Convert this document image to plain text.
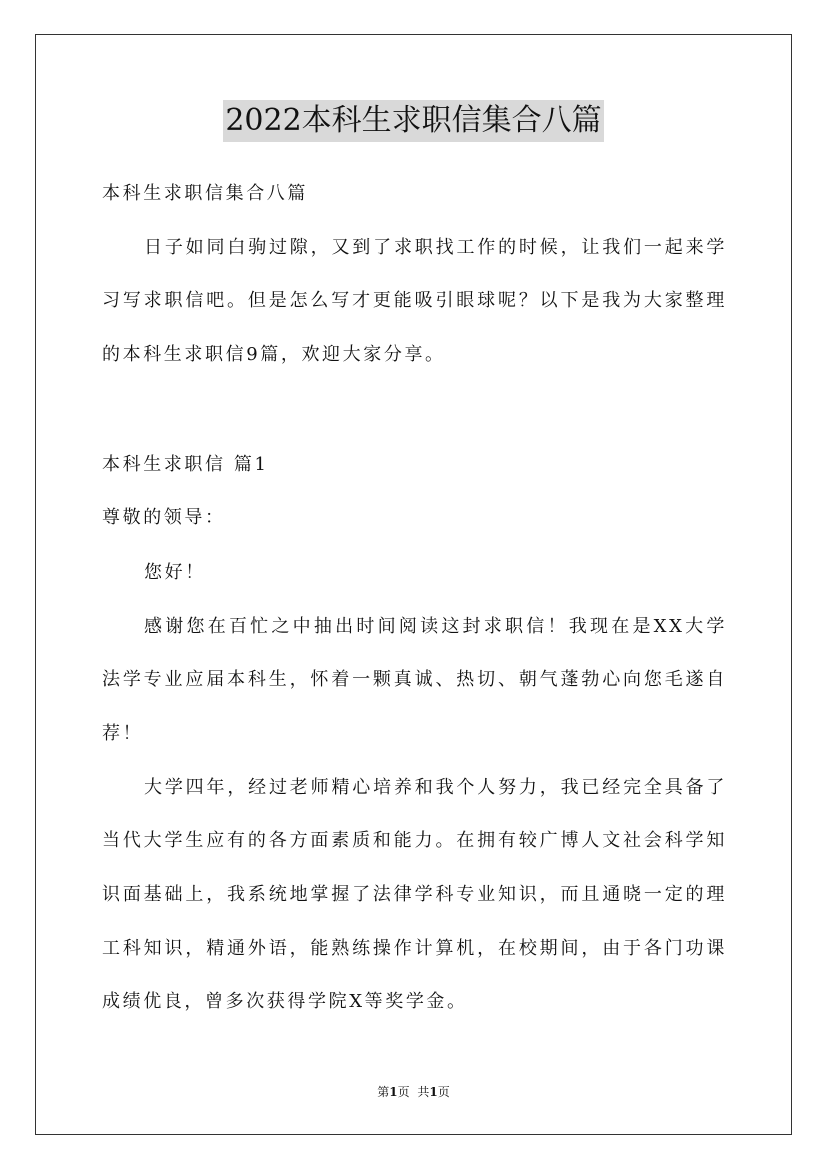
2022本科生求职信集合八篇
本科生求职信集合八篇
日子如同白驹过隙，又到了求职找工作的时候，让我们一起来学
习写求职信吧。但是怎么写才更能吸引眼球呢？以下是我为大家整理
的本科生求职信9篇，欢迎大家分享。
本科生求职信 篇1
尊敬的领导：
您好！
感谢您在百忙之中抽出时间阅读这封求职信！我现在是XX大学
法学专业应届本科生，怀着一颗真诚、热切、朝气蓬勃心向您毛遂自
荐！
大学四年，经过老师精心培养和我个人努力，我已经完全具备了
当代大学生应有的各方面素质和能力。在拥有较广博人文社会科学知
识面基础上，我系统地掌握了法律学科专业知识，而且通晓一定的理
工科知识，精通外语，能熟练操作计算机，在校期间，由于各门功课
成绩优良，曾多次获得学院X等奖学金。
第1页 共1页
